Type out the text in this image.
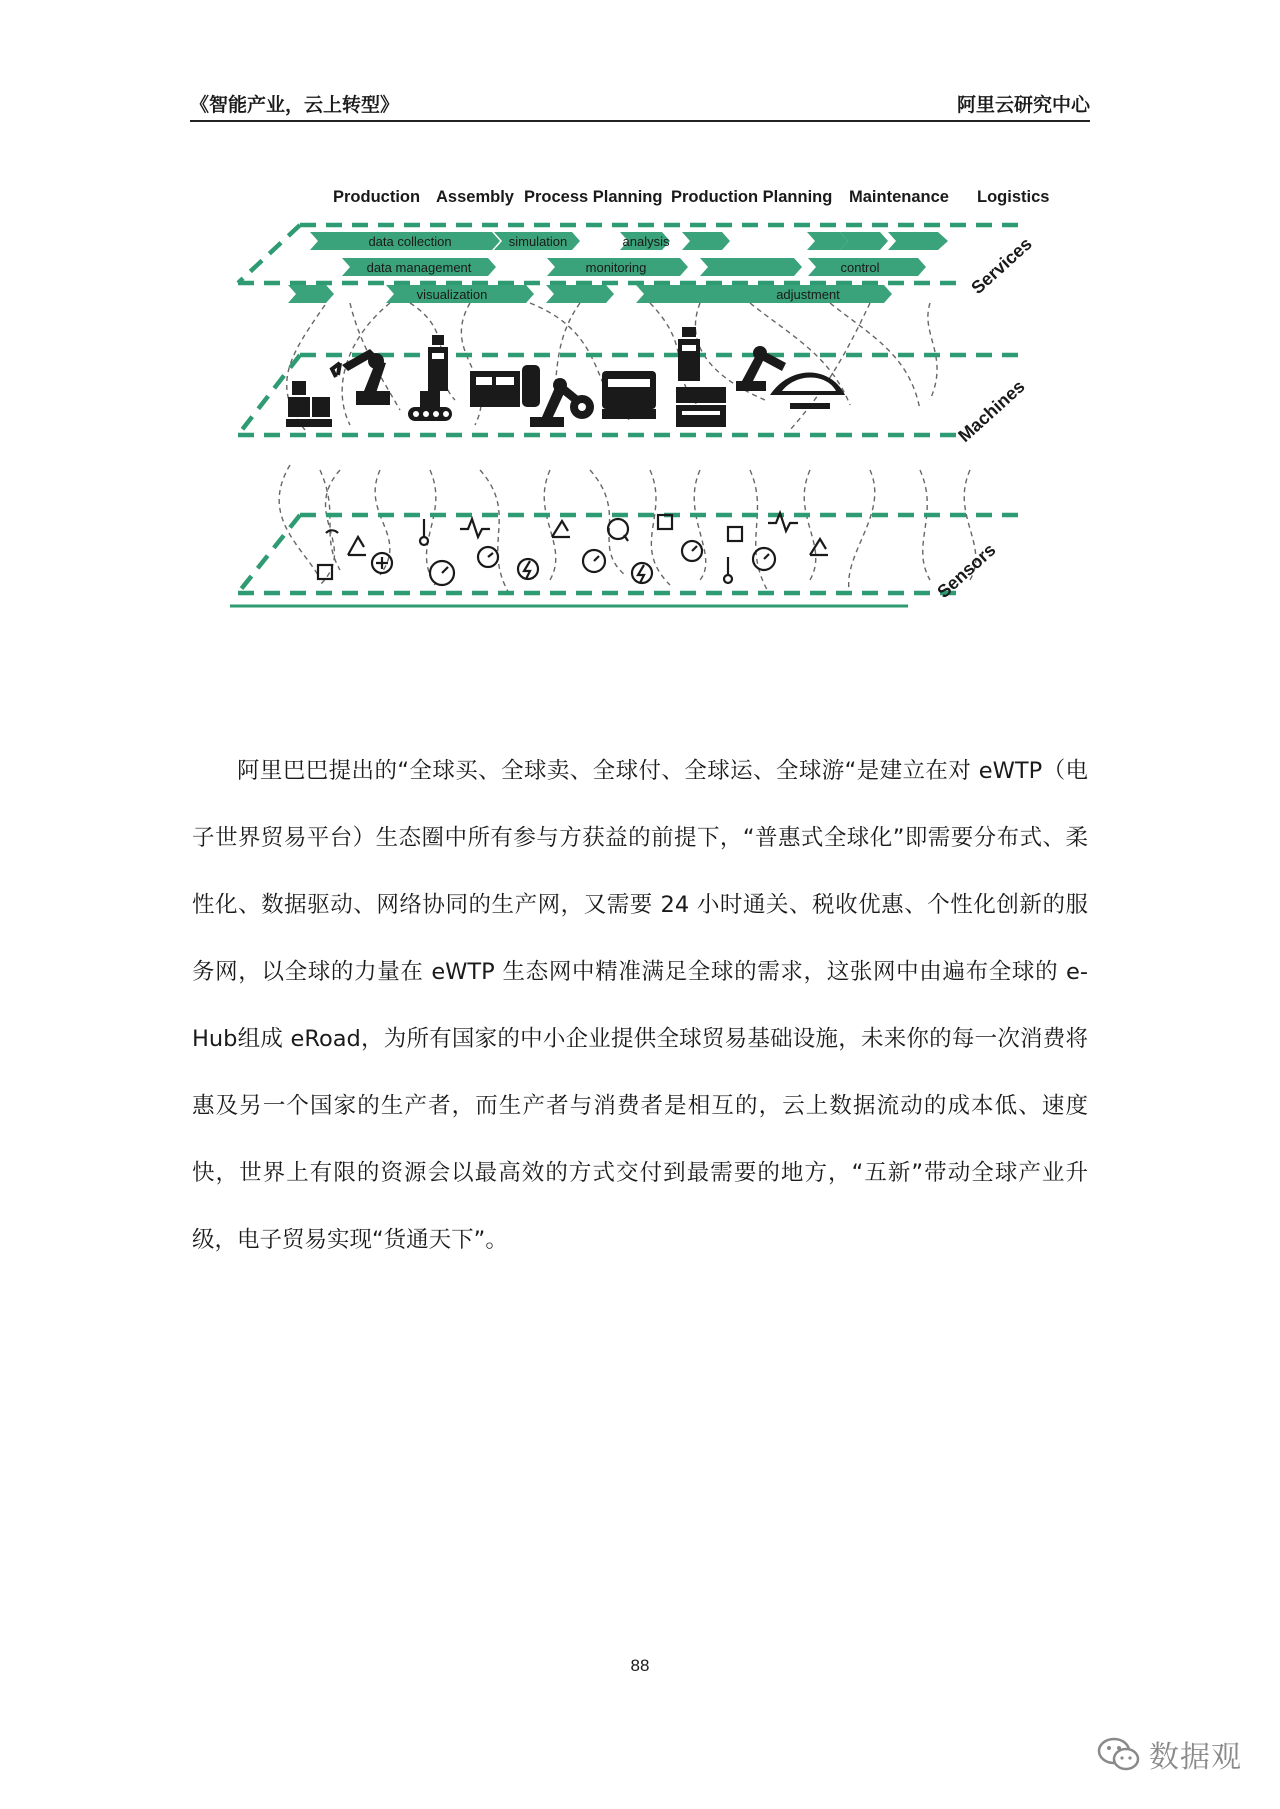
《智能产业，云上转型》	阿里云研究中心
Production Assembly Process Planning Production Planning Maintenance Logistics
data collection	simulation	analysis
data management	monitoring	control
visualization	adjustment	Services
Machines
Sensors

阿里巴巴提出的“全球买、全球卖、全球付、全球运、全球游“是建立在对 eWTP（电子世界贸易平台）生态圈中所有参与方获益的前提下，“普惠式全球化”即需要分布式、柔性化、数据驱动、网络协同的生产网，又需要 24 小时通关、税收优惠、个性化创新的服务网，以全球的力量在 eWTP 生态网中精准满足全球的需求，这张网中由遍布全球的 e-Hub组成 eRoad，为所有国家的中小企业提供全球贸易基础设施，未来你的每一次消费将惠及另一个国家的生产者，而生产者与消费者是相互的，云上数据流动的成本低、速度快，世界上有限的资源会以最高效的方式交付到最需要的地方，“五新”带动全球产业升级，电子贸易实现“货通天下”。

88
数据观
